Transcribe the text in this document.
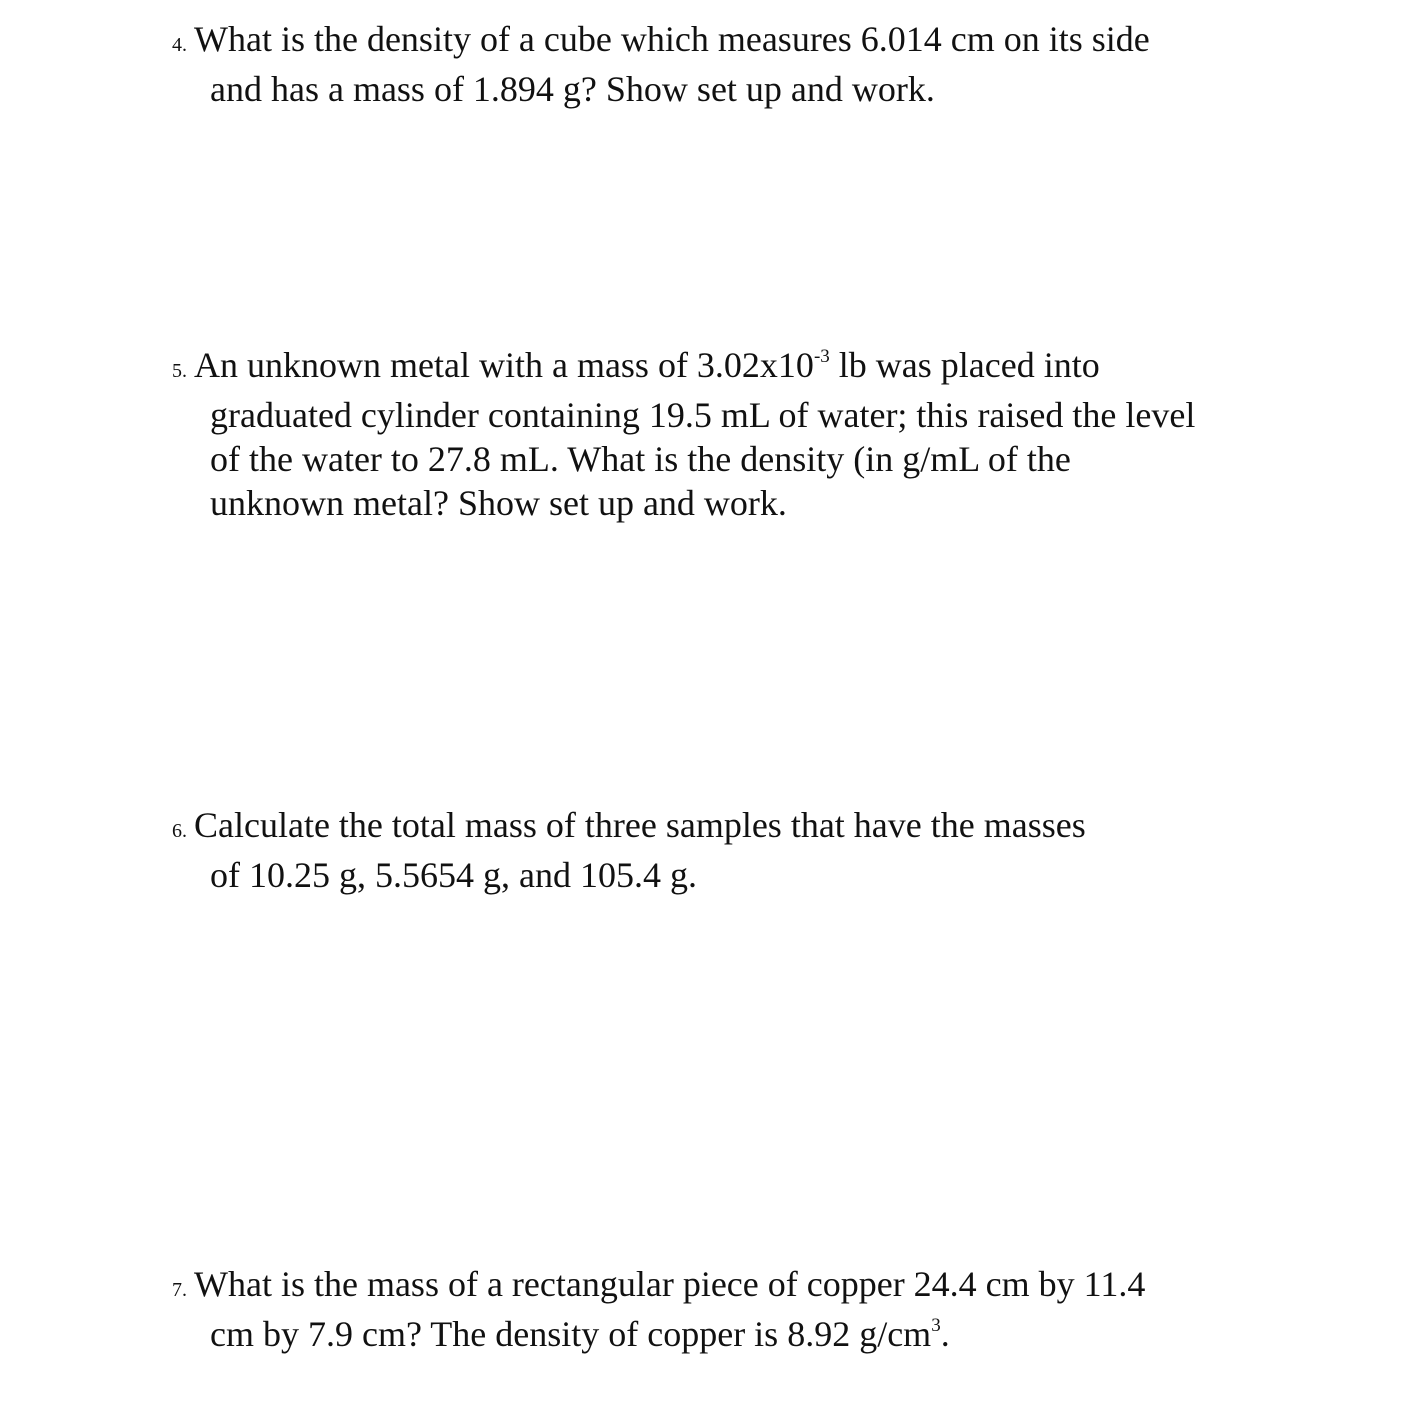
4. What is the density of a cube which measures 6.014 cm on its side
and has a mass of 1.894 g? Show set up and work.
5. An unknown metal with a mass of $3.02x10^{-3}$ lb was placed into
graduated cylinder containing 19.5 mL of water; this raised the level
of the water to 27.8 mL. What is the density (in g/mL of the
unknown metal? Show set up and work.
6. Calculate the total mass of three samples that have the masses
of 10.25 g, 5.5654 g, and 105.4 g.
7. What is the mass of a rectangular piece of copper 24.4 cm by 11.4
cm by 7.9 cm? The density of copper is 8.92 $g/cm^3$.
